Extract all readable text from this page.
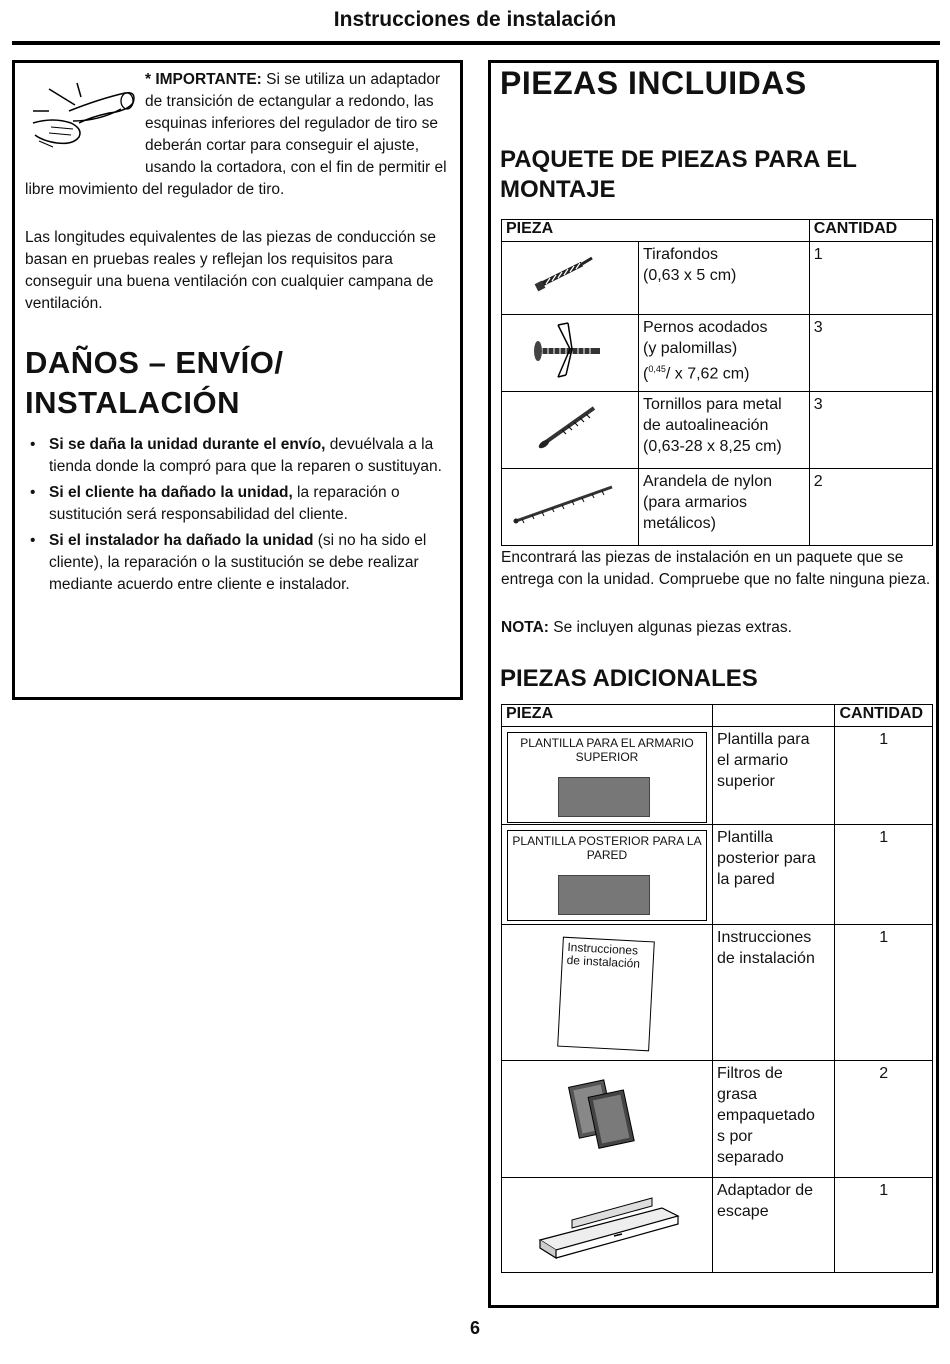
Instrucciones de instalación

* IMPORTANTE: Si se utiliza un adaptador de transición de ectangular a redondo, las esquinas inferiores del regulador de tiro se deberán cortar para conseguir el ajuste, usando la cortadora, con el fin de permitir el libre movimiento del regulador de tiro.

Las longitudes equivalentes de las piezas de conducción se basan en pruebas reales y reflejan los requisitos para conseguir una buena ventilación con cualquier campana de ventilación.
DAÑOS – ENVÍO/
INSTALACIÓN
• Si se daña la unidad durante el envío, devuélvala a la tienda donde la compró para que la reparen o sustituyan.
• Si el cliente ha dañado la unidad, la reparación o sustitución será responsabilidad del cliente.
• Si el instalador ha dañado la unidad (si no ha sido el cliente), la reparación o la sustitución se debe realizar mediante acuerdo entre cliente e instalador.
PIEZAS INCLUIDAS
PAQUETE DE PIEZAS PARA EL
MONTAJE
PIEZA		CANTIDAD

Tirafondos
(0,63 x 5 cm)	1

Pernos acodados
(y palomillas)
($^{0,45}$/ x 7,62 cm)	3

Tornillos para metal
de autoalineación
(0,63-28 x 8,25 cm)	3

Arandela de nylon
(para armarios
metálicos)	2
Encontrará las piezas de instalación en un paquete que se entrega con la unidad. Compruebe que no falte ninguna pieza.
NOTA: Se incluyen algunas piezas extras.
PIEZAS ADICIONALES
PIEZA		CANTIDAD

PLANTILLA PARA EL ARMARIO SUPERIOR	Plantilla para
el armario
superior	1

PLANTILLA POSTERIOR PARA LA PARED	Plantilla
posterior para
la pared	1

Instrucciones de instalación	Instrucciones
de instalación	1

Filtros de
grasa
empaquetado
s por
separado	2

Adaptador de
escape	1
6
